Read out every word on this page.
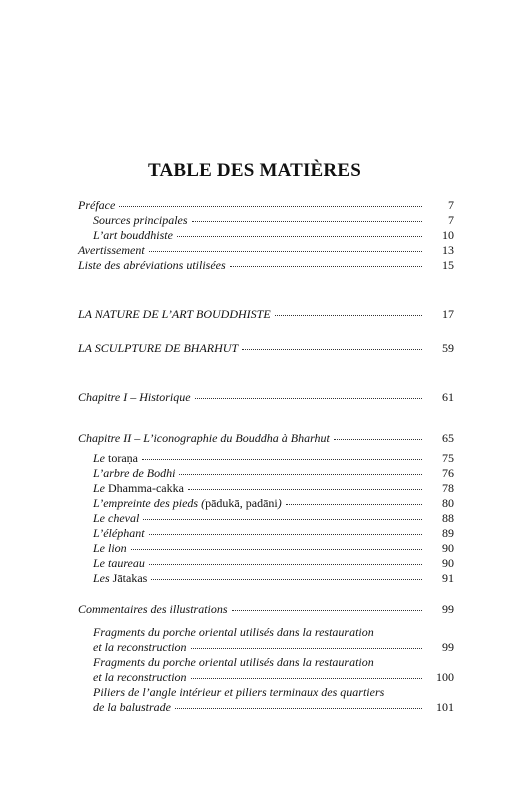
TABLE DES MATIÈRES
Préface	7
Sources principales	7
L’art bouddhiste	10
Avertissement	13
Liste des abréviations utilisées	15
LA NATURE DE L’ART BOUDDHISTE	17
LA SCULPTURE DE BHARHUT	59
Chapitre I – Historique	61
Chapitre II – L’iconographie du Bouddha à Bharhut	65
Le toraṇa	75
L’arbre de Bodhi	76
Le Dhamma-cakka	78
L’empreinte des pieds (pādukā, padāni)	80
Le cheval	88
L’éléphant	89
Le lion	90
Le taureau	90
Les Jātakas	91
Commentaires des illustrations	99
Fragments du porche oriental utilisés dans la restauration
et la reconstruction	99
Fragments du porche oriental utilisés dans la restauration
et la reconstruction	100
Piliers de l’angle intérieur et piliers terminaux des quartiers
de la balustrade	101
